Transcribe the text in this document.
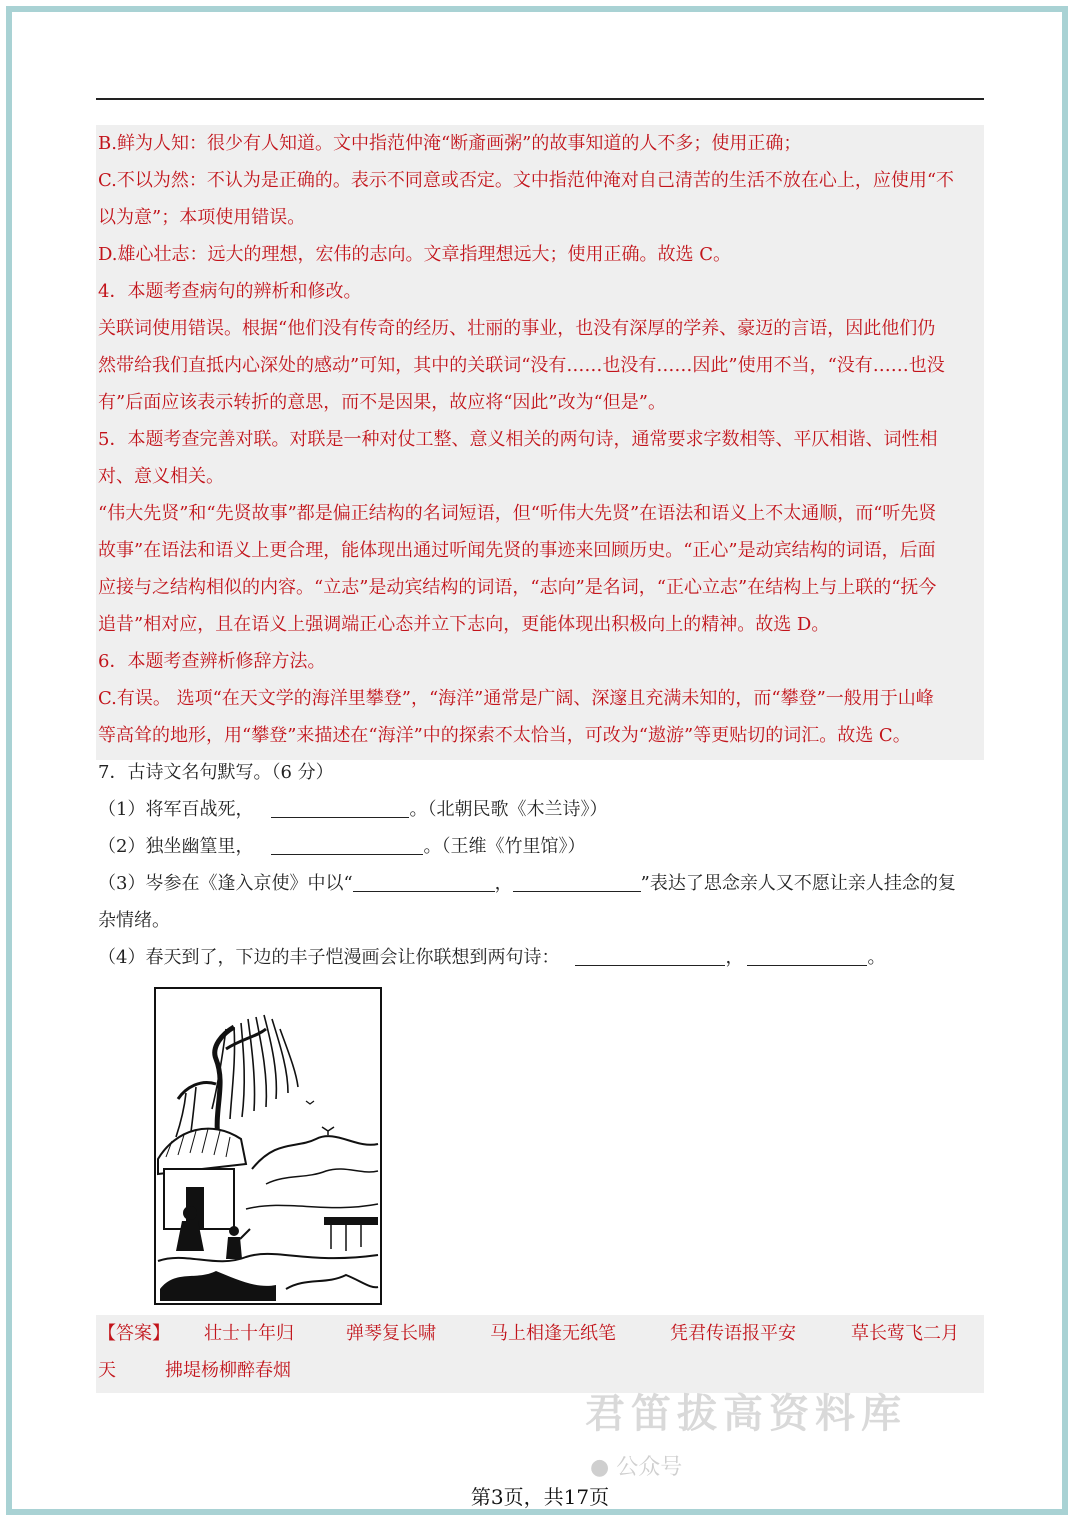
B.鲜为人知：很少有人知道。文中指范仲淹“断齑画粥”的故事知道的人不多；使用正确；
C.不以为然：不认为是正确的。表示不同意或否定。文中指范仲淹对自己清苦的生活不放在心上，应使用“不
以为意”；本项使用错误。
D.雄心壮志：远大的理想，宏伟的志向。文章指理想远大；使用正确。故选 C。
4．本题考查病句的辨析和修改。
关联词使用错误。根据“他们没有传奇的经历、壮丽的事业，也没有深厚的学养、豪迈的言语，因此他们仍
然带给我们直抵内心深处的感动”可知，其中的关联词“没有……也没有……因此”使用不当，“没有……也没
有”后面应该表示转折的意思，而不是因果，故应将“因此”改为“但是”。
5．本题考查完善对联。对联是一种对仗工整、意义相关的两句诗，通常要求字数相等、平仄相谐、词性相
对、意义相关。
“伟大先贤”和“先贤故事”都是偏正结构的名词短语，但“听伟大先贤”在语法和语义上不太通顺，而“听先贤
故事”在语法和语义上更合理，能体现出通过听闻先贤的事迹来回顾历史。“正心”是动宾结构的词语，后面
应接与之结构相似的内容。“立志”是动宾结构的词语，“志向”是名词，“正心立志”在结构上与上联的“抚今
追昔”相对应，且在语义上强调端正心态并立下志向，更能体现出积极向上的精神。故选 D。
6．本题考查辨析修辞方法。
C.有误。 选项“在天文学的海洋里攀登”，“海洋”通常是广阔、深邃且充满未知的，而“攀登”一般用于山峰
等高耸的地形，用“攀登”来描述在“海洋”中的探索不太恰当，可改为“遨游”等更贴切的词汇。故选 C。
7．古诗文名句默写。（6 分）
（1）将军百战死，	。（北朝民歌《木兰诗》）
（2）独坐幽篁里，	。（王维《竹里馆》）
（3）岑参在《逢入京使》中以“	，	”表达了思念亲人又不愿让亲人挂念的复
杂情绪。
（4）春天到了，下边的丰子恺漫画会让你联想到两句诗：	，	。
【答案】 壮士十年归	弹琴复长啸	马上相逢无纸笔	凭君传语报平安	草长莺飞二月
天	拂堤杨柳醉春烟
君笛拔高资料库
● 公众号
第3页，共17页
